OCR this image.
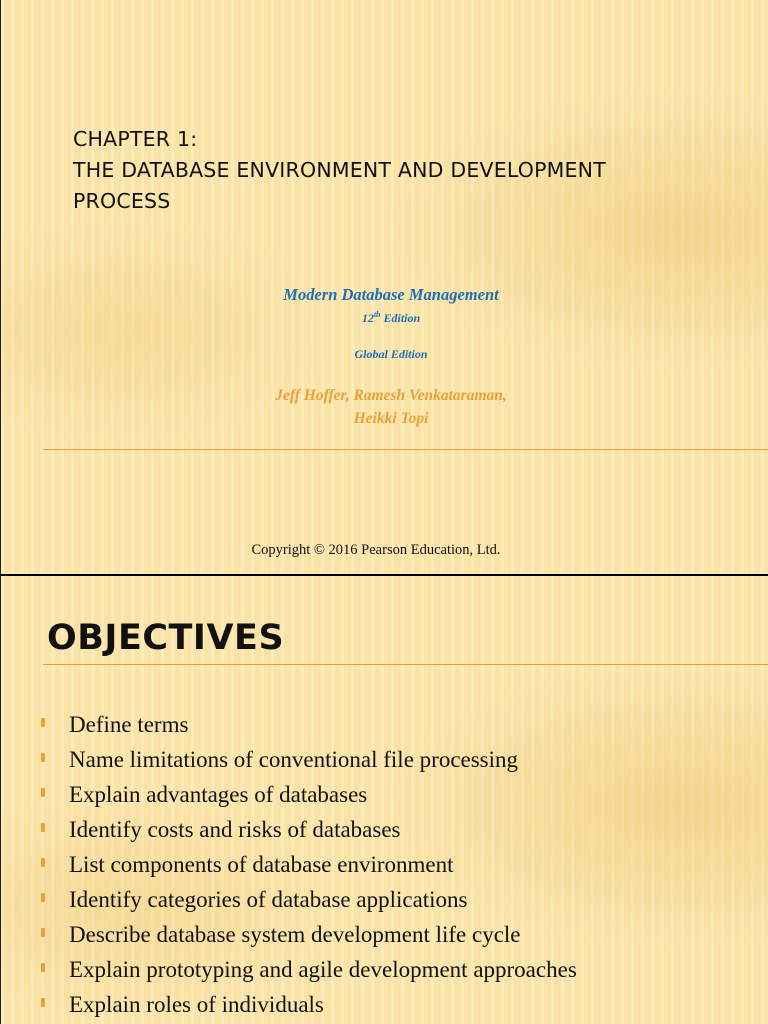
CHAPTER 1:
THE DATABASE ENVIRONMENT AND DEVELOPMENT
PROCESS
Modern Database Management
12th Edition
Global Edition
Jeff Hoffer, Ramesh Venkataraman,
Heikki Topi
Copyright © 2016 Pearson Education, Ltd.
OBJECTIVES
Define terms
Name limitations of conventional file processing
Explain advantages of databases
Identify costs and risks of databases
List components of database environment
Identify categories of database applications
Describe database system development life cycle
Explain prototyping and agile development approaches
Explain roles of individuals
